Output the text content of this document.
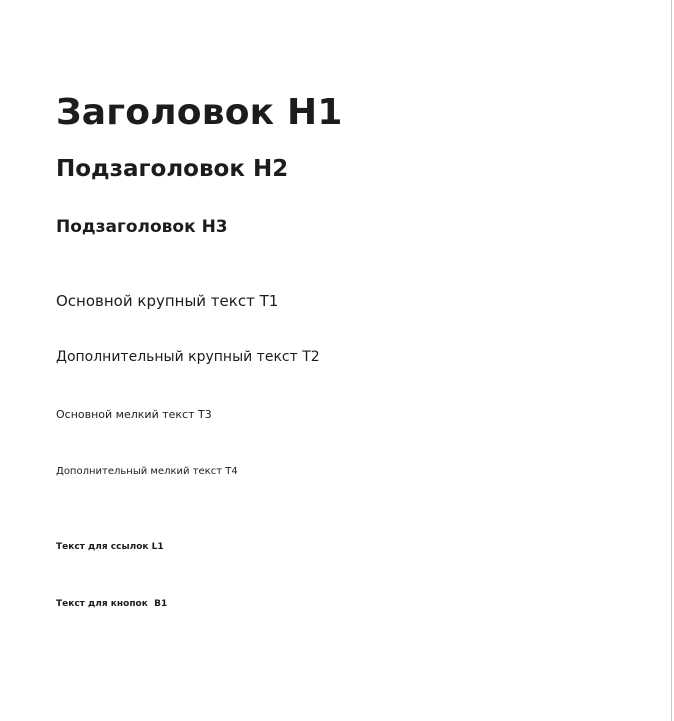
Заголовок H1
Подзаголовок H2
Подзаголовок H3

Основной крупный текст T1

Дополнительный крупный текст T2

Основной мелкий текст T3

Дополнительный мелкий текст T4

Текст для ссылок L1

Текст для кнопок  B1
